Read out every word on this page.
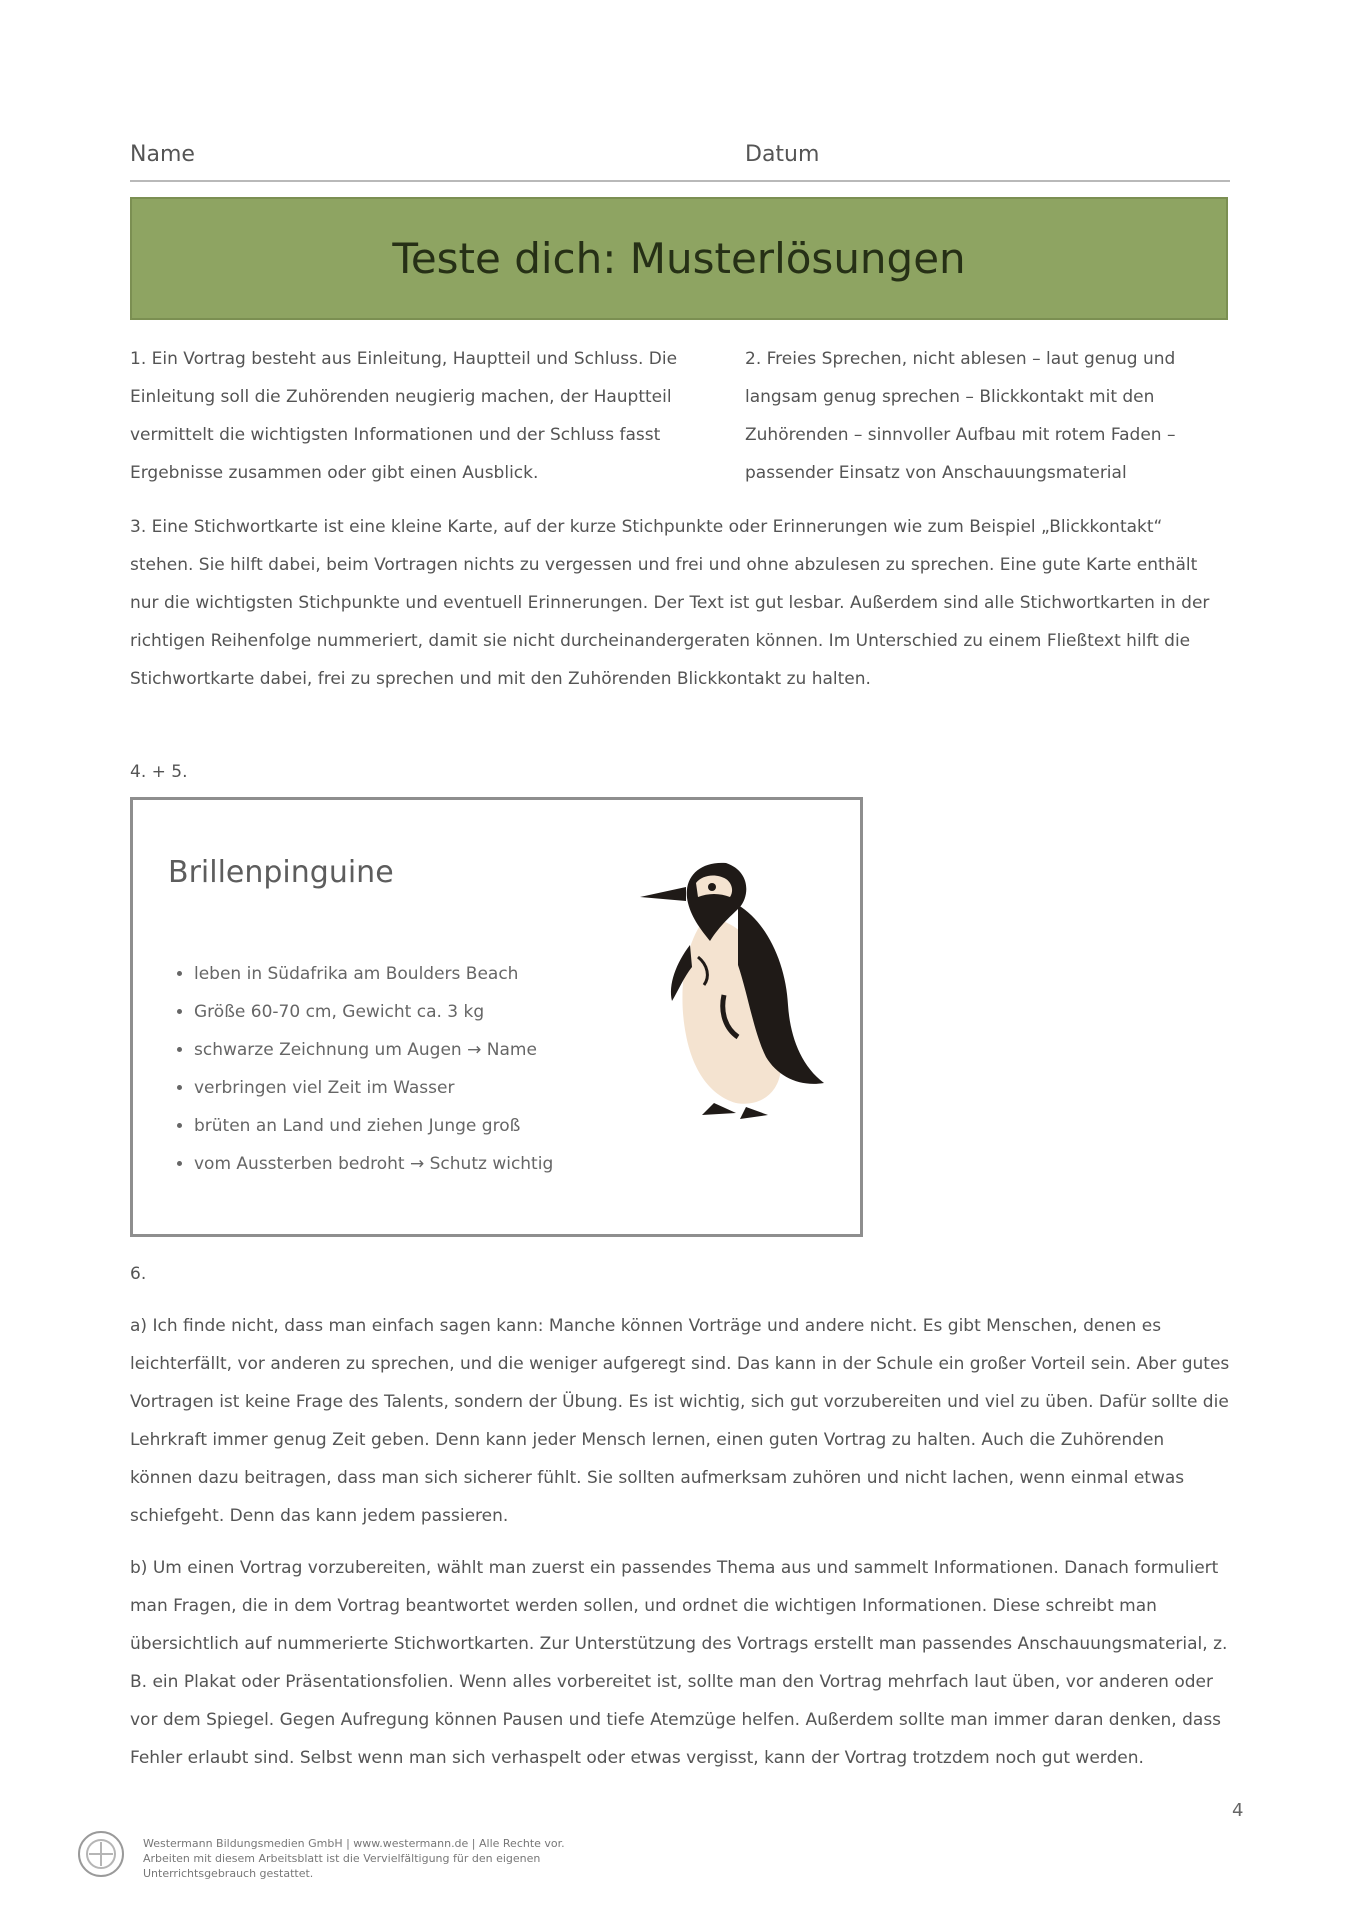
Name	Datum
Teste dich: Musterlösungen

1. Ein Vortrag besteht aus Einleitung, Hauptteil und Schluss. Die Einleitung soll die Zuhörenden neugierig machen, der Hauptteil vermittelt die wichtigsten Informationen und der Schluss fasst Ergebnisse zusammen oder gibt einen Ausblick.

2. Freies Sprechen, nicht ablesen – laut genug und langsam genug sprechen – Blickkontakt mit den Zuhörenden – sinnvoller Aufbau mit rotem Faden – passender Einsatz von Anschauungsmaterial

3. Eine Stichwortkarte ist eine kleine Karte, auf der kurze Stichpunkte oder Erinnerungen wie zum Beispiel „Blickkontakt“ stehen. Sie hilft dabei, beim Vortragen nichts zu vergessen und frei und ohne abzulesen zu sprechen. Eine gute Karte enthält nur die wichtigsten Stichpunkte und eventuell Erinnerungen. Der Text ist gut lesbar. Außerdem sind alle Stichwortkarten in der richtigen Reihenfolge nummeriert, damit sie nicht durcheinandergeraten können. Im Unterschied zu einem Fließtext hilft die Stichwortkarte dabei, frei zu sprechen und mit den Zuhörenden Blickkontakt zu halten.

4. + 5.

Brillenpinguine
• leben in Südafrika am Boulders Beach
• Größe 60-70 cm, Gewicht ca. 3 kg
• schwarze Zeichnung um Augen → Name
• verbringen viel Zeit im Wasser
• brüten an Land und ziehen Junge groß
• vom Aussterben bedroht → Schutz wichtig

6.

a) Ich finde nicht, dass man einfach sagen kann: Manche können Vorträge und andere nicht. Es gibt Menschen, denen es leichterfällt, vor anderen zu sprechen, und die weniger aufgeregt sind. Das kann in der Schule ein großer Vorteil sein. Aber gutes Vortragen ist keine Frage des Talents, sondern der Übung. Es ist wichtig, sich gut vorzubereiten und viel zu üben. Dafür sollte die Lehrkraft immer genug Zeit geben. Denn kann jeder Mensch lernen, einen guten Vortrag zu halten. Auch die Zuhörenden können dazu beitragen, dass man sich sicherer fühlt. Sie sollten aufmerksam zuhören und nicht lachen, wenn einmal etwas schiefgeht. Denn das kann jedem passieren.

b) Um einen Vortrag vorzubereiten, wählt man zuerst ein passendes Thema aus und sammelt Informationen. Danach formuliert man Fragen, die in dem Vortrag beantwortet werden sollen, und ordnet die wichtigen Informationen. Diese schreibt man übersichtlich auf nummerierte Stichwortkarten. Zur Unterstützung des Vortrags erstellt man passendes Anschauungsmaterial, z. B. ein Plakat oder Präsentationsfolien. Wenn alles vorbereitet ist, sollte man den Vortrag mehrfach laut üben, vor anderen oder vor dem Spiegel. Gegen Aufregung können Pausen und tiefe Atemzüge helfen. Außerdem sollte man immer daran denken, dass Fehler erlaubt sind. Selbst wenn man sich verhaspelt oder etwas vergisst, kann der Vortrag trotzdem noch gut werden.

4
Westermann Bildungsmedien GmbH | www.westermann.de | Alle Rechte vor.
Arbeiten mit diesem Arbeitsblatt ist die Vervielfältigung für den eigenen
Unterrichtsgebrauch gestattet.
